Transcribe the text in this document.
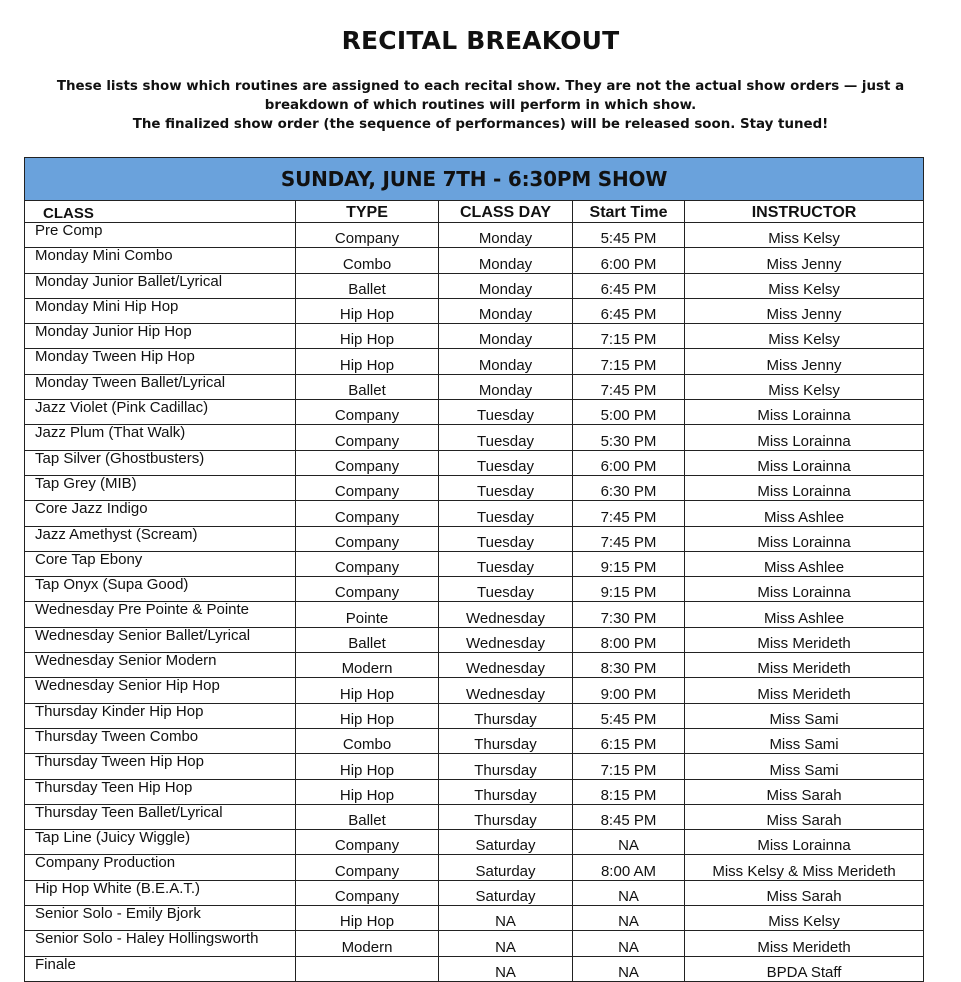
RECITAL BREAKOUT
These lists show which routines are assigned to each recital show. They are not the actual show orders — just a
breakdown of which routines will perform in which show.
The finalized show order (the sequence of performances) will be released soon. Stay tuned!
SUNDAY, JUNE 7TH - 6:30PM SHOW				
CLASS	TYPE	CLASS DAY	Start Time	INSTRUCTOR
Pre Comp	Company	Monday	5:45 PM	Miss Kelsy
Monday Mini Combo	Combo	Monday	6:00 PM	Miss Jenny
Monday Junior Ballet/Lyrical	Ballet	Monday	6:45 PM	Miss Kelsy
Monday Mini Hip Hop	Hip Hop	Monday	6:45 PM	Miss Jenny
Monday Junior Hip Hop	Hip Hop	Monday	7:15 PM	Miss Kelsy
Monday Tween Hip Hop	Hip Hop	Monday	7:15 PM	Miss Jenny
Monday Tween Ballet/Lyrical	Ballet	Monday	7:45 PM	Miss Kelsy
Jazz Violet (Pink Cadillac)	Company	Tuesday	5:00 PM	Miss Lorainna
Jazz Plum (That Walk)	Company	Tuesday	5:30 PM	Miss Lorainna
Tap Silver (Ghostbusters)	Company	Tuesday	6:00 PM	Miss Lorainna
Tap Grey (MIB)	Company	Tuesday	6:30 PM	Miss Lorainna
Core Jazz Indigo	Company	Tuesday	7:45 PM	Miss Ashlee
Jazz Amethyst (Scream)	Company	Tuesday	7:45 PM	Miss Lorainna
Core Tap Ebony	Company	Tuesday	9:15 PM	Miss Ashlee
Tap Onyx (Supa Good)	Company	Tuesday	9:15 PM	Miss Lorainna
Wednesday Pre Pointe & Pointe	Pointe	Wednesday	7:30 PM	Miss Ashlee
Wednesday Senior Ballet/Lyrical	Ballet	Wednesday	8:00 PM	Miss Merideth
Wednesday Senior Modern	Modern	Wednesday	8:30 PM	Miss Merideth
Wednesday Senior Hip Hop	Hip Hop	Wednesday	9:00 PM	Miss Merideth
Thursday Kinder Hip Hop	Hip Hop	Thursday	5:45 PM	Miss Sami
Thursday Tween Combo	Combo	Thursday	6:15 PM	Miss Sami
Thursday Tween Hip Hop	Hip Hop	Thursday	7:15 PM	Miss Sami
Thursday Teen Hip Hop	Hip Hop	Thursday	8:15 PM	Miss Sarah
Thursday Teen Ballet/Lyrical	Ballet	Thursday	8:45 PM	Miss Sarah
Tap Line (Juicy Wiggle)	Company	Saturday	NA	Miss Lorainna
Company Production	Company	Saturday	8:00 AM	Miss Kelsy & Miss Merideth
Hip Hop White (B.E.A.T.)	Company	Saturday	NA	Miss Sarah
Senior Solo - Emily Bjork	Hip Hop	NA	NA	Miss Kelsy
Senior Solo - Haley Hollingsworth	Modern	NA	NA	Miss Merideth
Finale		NA	NA	BPDA Staff
